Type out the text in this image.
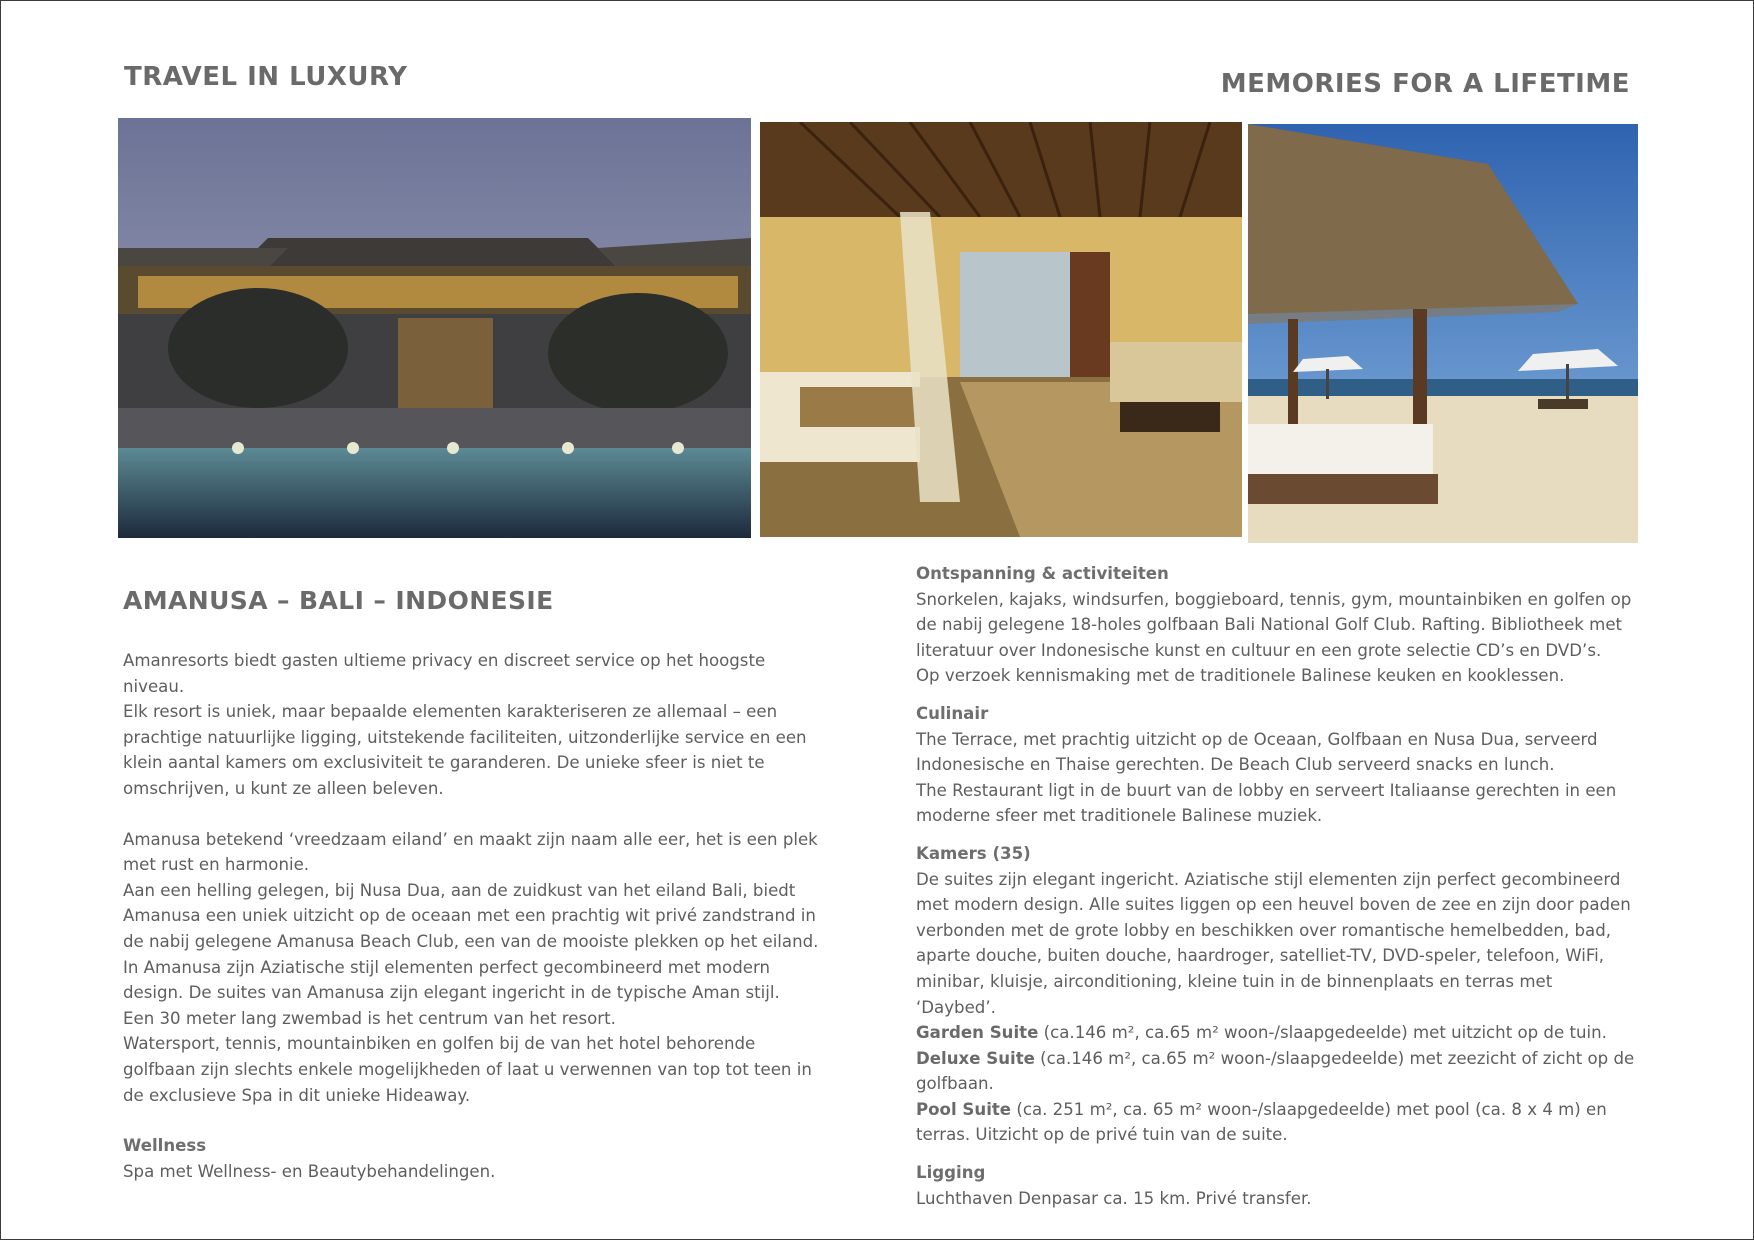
TRAVEL IN LUXURY	MEMORIES FOR A LIFETIME
AMANUSA – BALI – INDONESIE

Amanresorts biedt gasten ultieme privacy en discreet service op het hoogste niveau.

Elk resort is uniek, maar bepaalde elementen karakteriseren ze allemaal – een

prachtige natuurlijke ligging, uitstekende faciliteiten, uitzonderlijke service en een

klein aantal kamers om exclusiviteit te garanderen. De unieke sfeer is niet te

omschrijven, u kunt ze alleen beleven.

Amanusa betekend ‘vreedzaam eiland’ en maakt zijn naam alle eer, het is een plek

met rust en harmonie.

Aan een helling gelegen, bij Nusa Dua, aan de zuidkust van het eiland Bali, biedt

Amanusa een uniek uitzicht op de oceaan met een prachtig wit privé zandstrand in

de nabij gelegene Amanusa Beach Club, een van de mooiste plekken op het eiland.

In Amanusa zijn Aziatische stijl elementen perfect gecombineerd met modern

design. De suites van Amanusa zijn elegant ingericht in de typische Aman stijl.

Een 30 meter lang zwembad is het centrum van het resort.

Watersport, tennis, mountainbiken en golfen bij de van het hotel behorende

golfbaan zijn slechts enkele mogelijkheden of laat u verwennen van top tot teen in

de exclusieve Spa in dit unieke Hideaway.

Wellness

Spa met Wellness- en Beautybehandelingen.

Ontspanning & activiteiten

Snorkelen, kajaks, windsurfen, boggieboard, tennis, gym, mountainbiken en golfen op

de nabij gelegene 18-holes golfbaan Bali National Golf Club. Rafting. Bibliotheek met

literatuur over Indonesische kunst en cultuur en een grote selectie CD’s en DVD’s.

Op verzoek kennismaking met de traditionele Balinese keuken en kooklessen.

Culinair

The Terrace, met prachtig uitzicht op de Oceaan, Golfbaan en Nusa Dua, serveerd

Indonesische en Thaise gerechten. De Beach Club serveerd snacks en lunch.

The Restaurant ligt in de buurt van de lobby en serveert Italiaanse gerechten in een

moderne sfeer met traditionele Balinese muziek.

Kamers (35)

De suites zijn elegant ingericht. Aziatische stijl elementen zijn perfect gecombineerd

met modern design. Alle suites liggen op een heuvel boven de zee en zijn door paden

verbonden met de grote lobby en beschikken over romantische hemelbedden, bad,

aparte douche, buiten douche, haardroger, satelliet-TV, DVD-speler, telefoon, WiFi,

minibar, kluisje, airconditioning, kleine tuin in de binnenplaats en terras met ‘Daybed’.

Garden Suite (ca.146 m², ca.65 m² woon-/slaapgedeelde) met uitzicht op de tuin.

Deluxe Suite (ca.146 m², ca.65 m² woon-/slaapgedeelde) met zeezicht of zicht op de

golfbaan.

Pool Suite (ca. 251 m², ca. 65 m² woon-/slaapgedeelde) met pool (ca. 8 x 4 m) en

terras. Uitzicht op de privé tuin van de suite.

Ligging

Luchthaven Denpasar ca. 15 km. Privé transfer.
